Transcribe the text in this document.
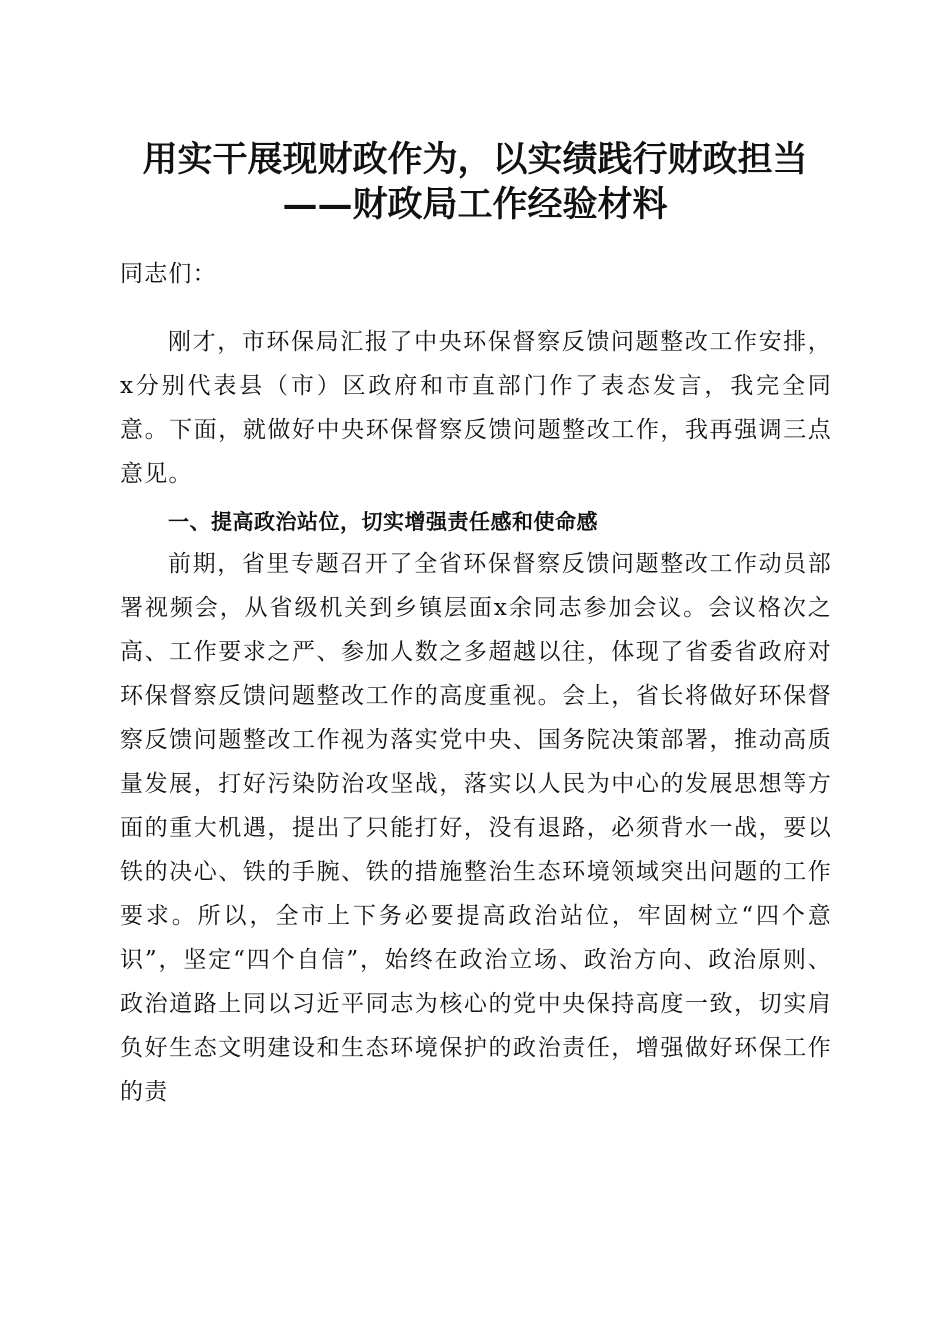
用实干展现财政作为，以实绩践行财政担当
——财政局工作经验材料
同志们：
刚才，市环保局汇报了中央环保督察反馈问题整改工作安排，x分别代表县（市）区政府和市直部门作了表态发言，我完全同意。下面，就做好中央环保督察反馈问题整改工作，我再强调三点意见。
一、提高政治站位，切实增强责任感和使命感
前期，省里专题召开了全省环保督察反馈问题整改工作动员部署视频会，从省级机关到乡镇层面x余同志参加会议。会议格次之高、工作要求之严、参加人数之多超越以往，体现了省委省政府对环保督察反馈问题整改工作的高度重视。会上，省长将做好环保督察反馈问题整改工作视为落实党中央、国务院决策部署，推动高质量发展，打好污染防治攻坚战，落实以人民为中心的发展思想等方面的重大机遇，提出了只能打好，没有退路，必须背水一战，要以铁的决心、铁的手腕、铁的措施整治生态环境领域突出问题的工作要求。所以，全市上下务必要提高政治站位，牢固树立“四个意识”，坚定“四个自信”，始终在政治立场、政治方向、政治原则、政治道路上同以习近平同志为核心的党中央保持高度一致，切实肩负好生态文明建设和生态环境保护的政治责任，增强做好环保工作的责
